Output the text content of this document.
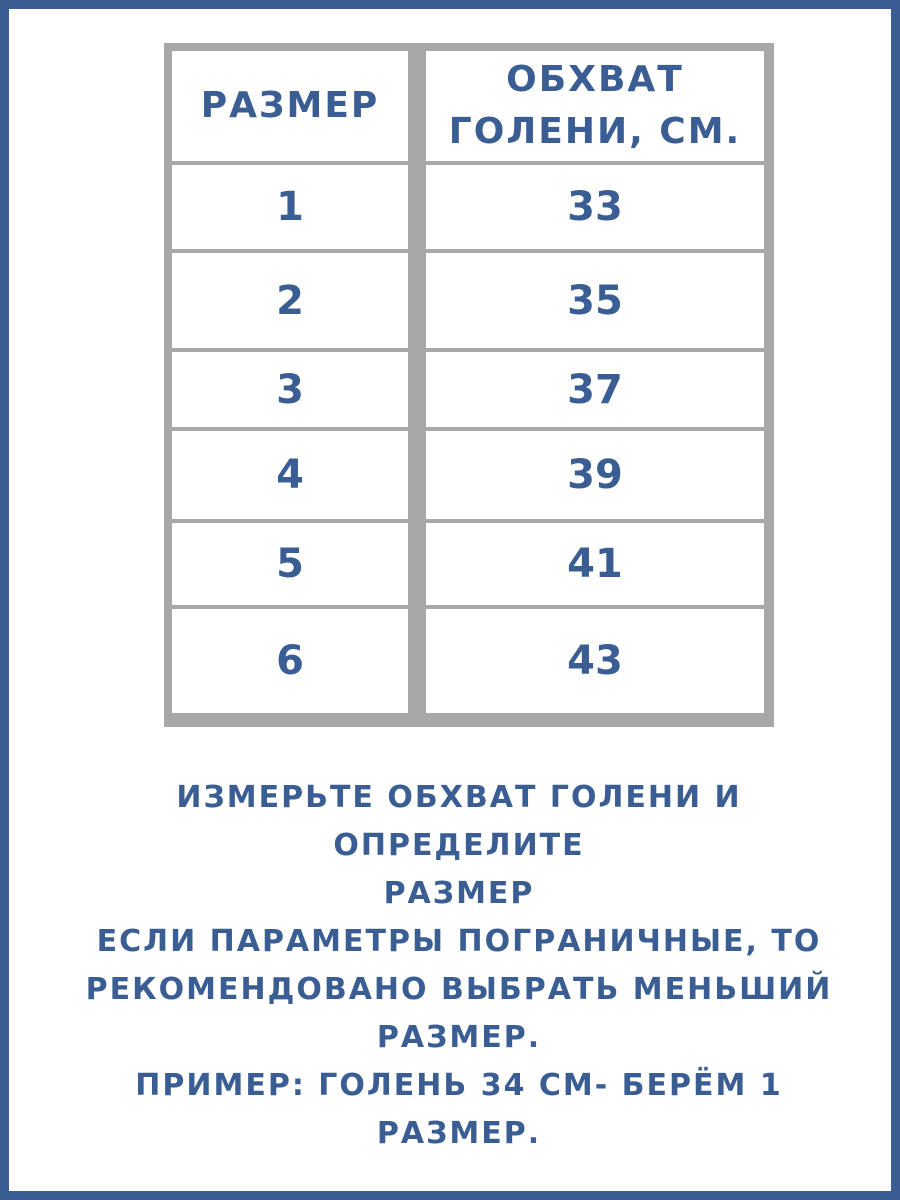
РАЗМЕР
1
2
3
4
5
6
ОБХВАТ
ГОЛЕНИ, СМ.
33
35
37
39
41
43
ИЗМЕРЬТЕ ОБХВАТ ГОЛЕНИ И ОПРЕДЕЛИТЕ
РАЗМЕР
ЕСЛИ ПАРАМЕТРЫ ПОГРАНИЧНЫЕ, ТО
РЕКОМЕНДОВАНО ВЫБРАТЬ МЕНЬШИЙ
РАЗМЕР.
ПРИМЕР: ГОЛЕНЬ 34 СМ- БЕРЁМ 1 РАЗМЕР.
